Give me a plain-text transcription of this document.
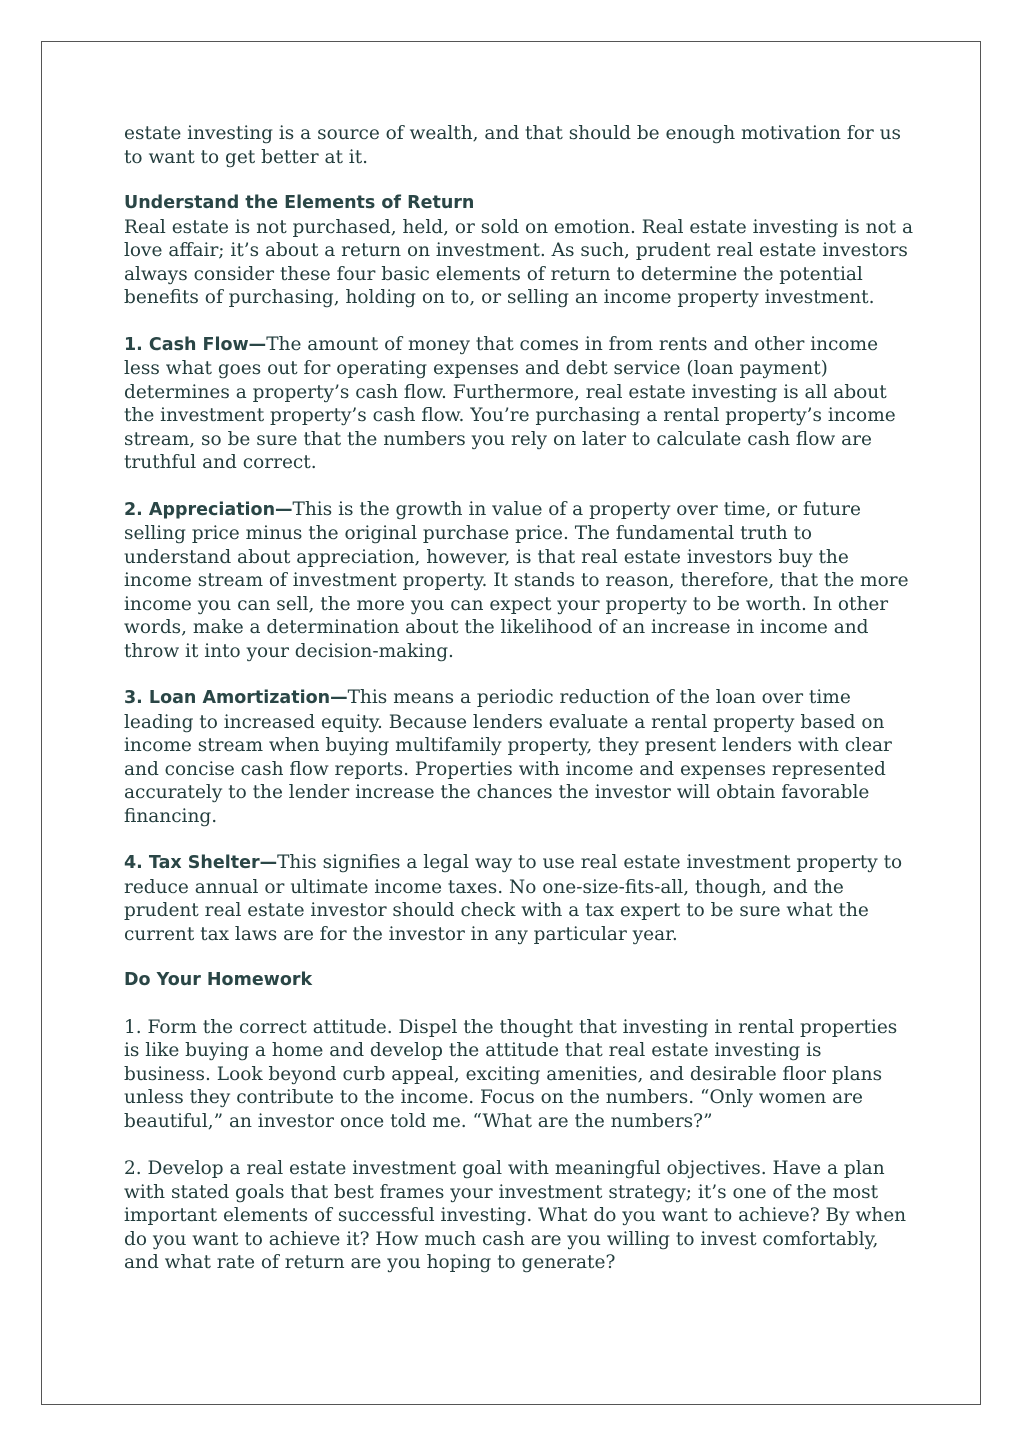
estate investing is a source of wealth, and that should be enough motivation for us to want to get better at it.

Understand the Elements of Return

Real estate is not purchased, held, or sold on emotion. Real estate investing is not a love affair; it’s about a return on investment. As such, prudent real estate investors always consider these four basic elements of return to determine the potential benefits of purchasing, holding on to, or selling an income property investment.

1. Cash Flow—The amount of money that comes in from rents and other income less what goes out for operating expenses and debt service (loan payment) determines a property’s cash flow. Furthermore, real estate investing is all about the investment property’s cash flow. You’re purchasing a rental property’s income stream, so be sure that the numbers you rely on later to calculate cash flow are truthful and correct.

2. Appreciation—This is the growth in value of a property over time, or future selling price minus the original purchase price. The fundamental truth to understand about appreciation, however, is that real estate investors buy the income stream of investment property. It stands to reason, therefore, that the more income you can sell, the more you can expect your property to be worth. In other words, make a determination about the likelihood of an increase in income and throw it into your decision-making.

3. Loan Amortization—This means a periodic reduction of the loan over time leading to increased equity. Because lenders evaluate a rental property based on income stream when buying multifamily property, they present lenders with clear and concise cash flow reports. Properties with income and expenses represented accurately to the lender increase the chances the investor will obtain favorable financing.

4. Tax Shelter—This signifies a legal way to use real estate investment property to reduce annual or ultimate income taxes. No one-size-fits-all, though, and the prudent real estate investor should check with a tax expert to be sure what the current tax laws are for the investor in any particular year.

Do Your Homework

1. Form the correct attitude. Dispel the thought that investing in rental properties is like buying a home and develop the attitude that real estate investing is business. Look beyond curb appeal, exciting amenities, and desirable floor plans unless they contribute to the income. Focus on the numbers. “Only women are beautiful,” an investor once told me. “What are the numbers?”

2. Develop a real estate investment goal with meaningful objectives. Have a plan with stated goals that best frames your investment strategy; it’s one of the most important elements of successful investing. What do you want to achieve? By when do you want to achieve it? How much cash are you willing to invest comfortably, and what rate of return are you hoping to generate?
